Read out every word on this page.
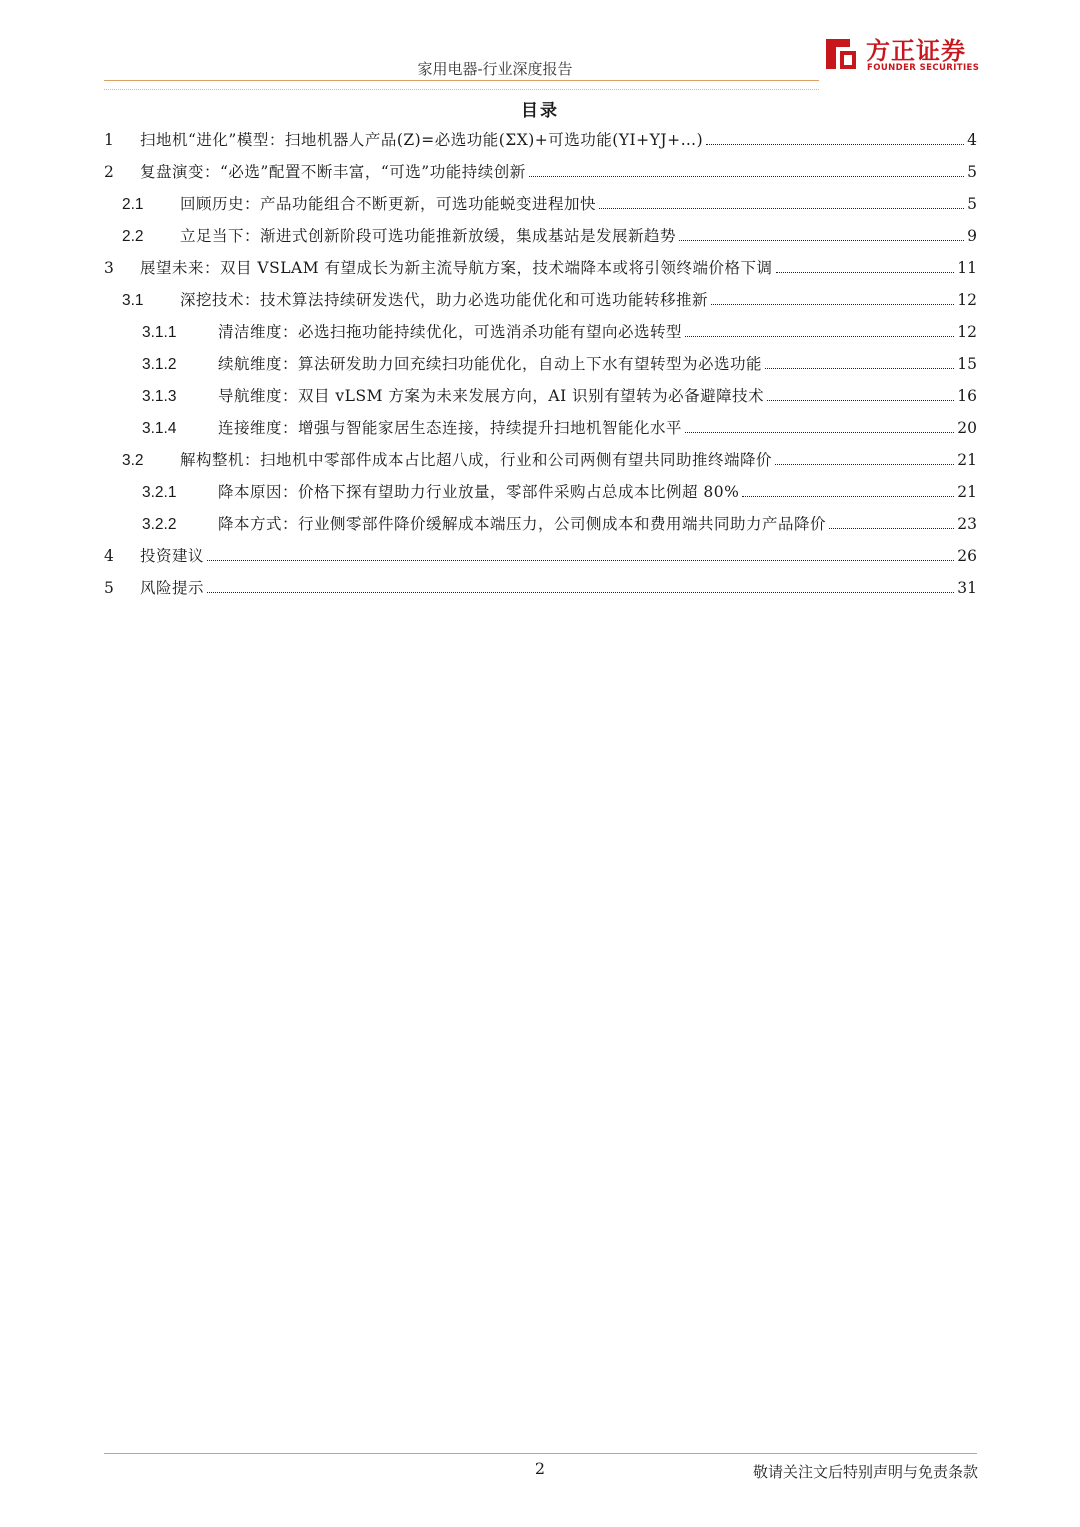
家用电器-行业深度报告
方正证券
FOUNDER SECURITIES
目录
1	扫地机“进化”模型：扫地机器人产品(Z)=必选功能(ΣX)+可选功能(YI+YJ+…)	4
2	复盘演变：“必选”配置不断丰富，“可选”功能持续创新	5
2.1	回顾历史：产品功能组合不断更新，可选功能蜕变进程加快	5
2.2	立足当下：渐进式创新阶段可选功能推新放缓，集成基站是发展新趋势	9
3	展望未来：双目 VSLAM 有望成长为新主流导航方案，技术端降本或将引领终端价格下调	11
3.1	深挖技术：技术算法持续研发迭代，助力必选功能优化和可选功能转移推新	12
3.1.1	清洁维度：必选扫拖功能持续优化，可选消杀功能有望向必选转型	12
3.1.2	续航维度：算法研发助力回充续扫功能优化，自动上下水有望转型为必选功能	15
3.1.3	导航维度：双目 vLSM 方案为未来发展方向，AI 识别有望转为必备避障技术	16
3.1.4	连接维度：增强与智能家居生态连接，持续提升扫地机智能化水平	20
3.2	解构整机：扫地机中零部件成本占比超八成，行业和公司两侧有望共同助推终端降价	21
3.2.1	降本原因：价格下探有望助力行业放量，零部件采购占总成本比例超 80%	21
3.2.2	降本方式：行业侧零部件降价缓解成本端压力，公司侧成本和费用端共同助力产品降价	23
4	投资建议	26
5	风险提示	31
2	敬请关注文后特别声明与免责条款
